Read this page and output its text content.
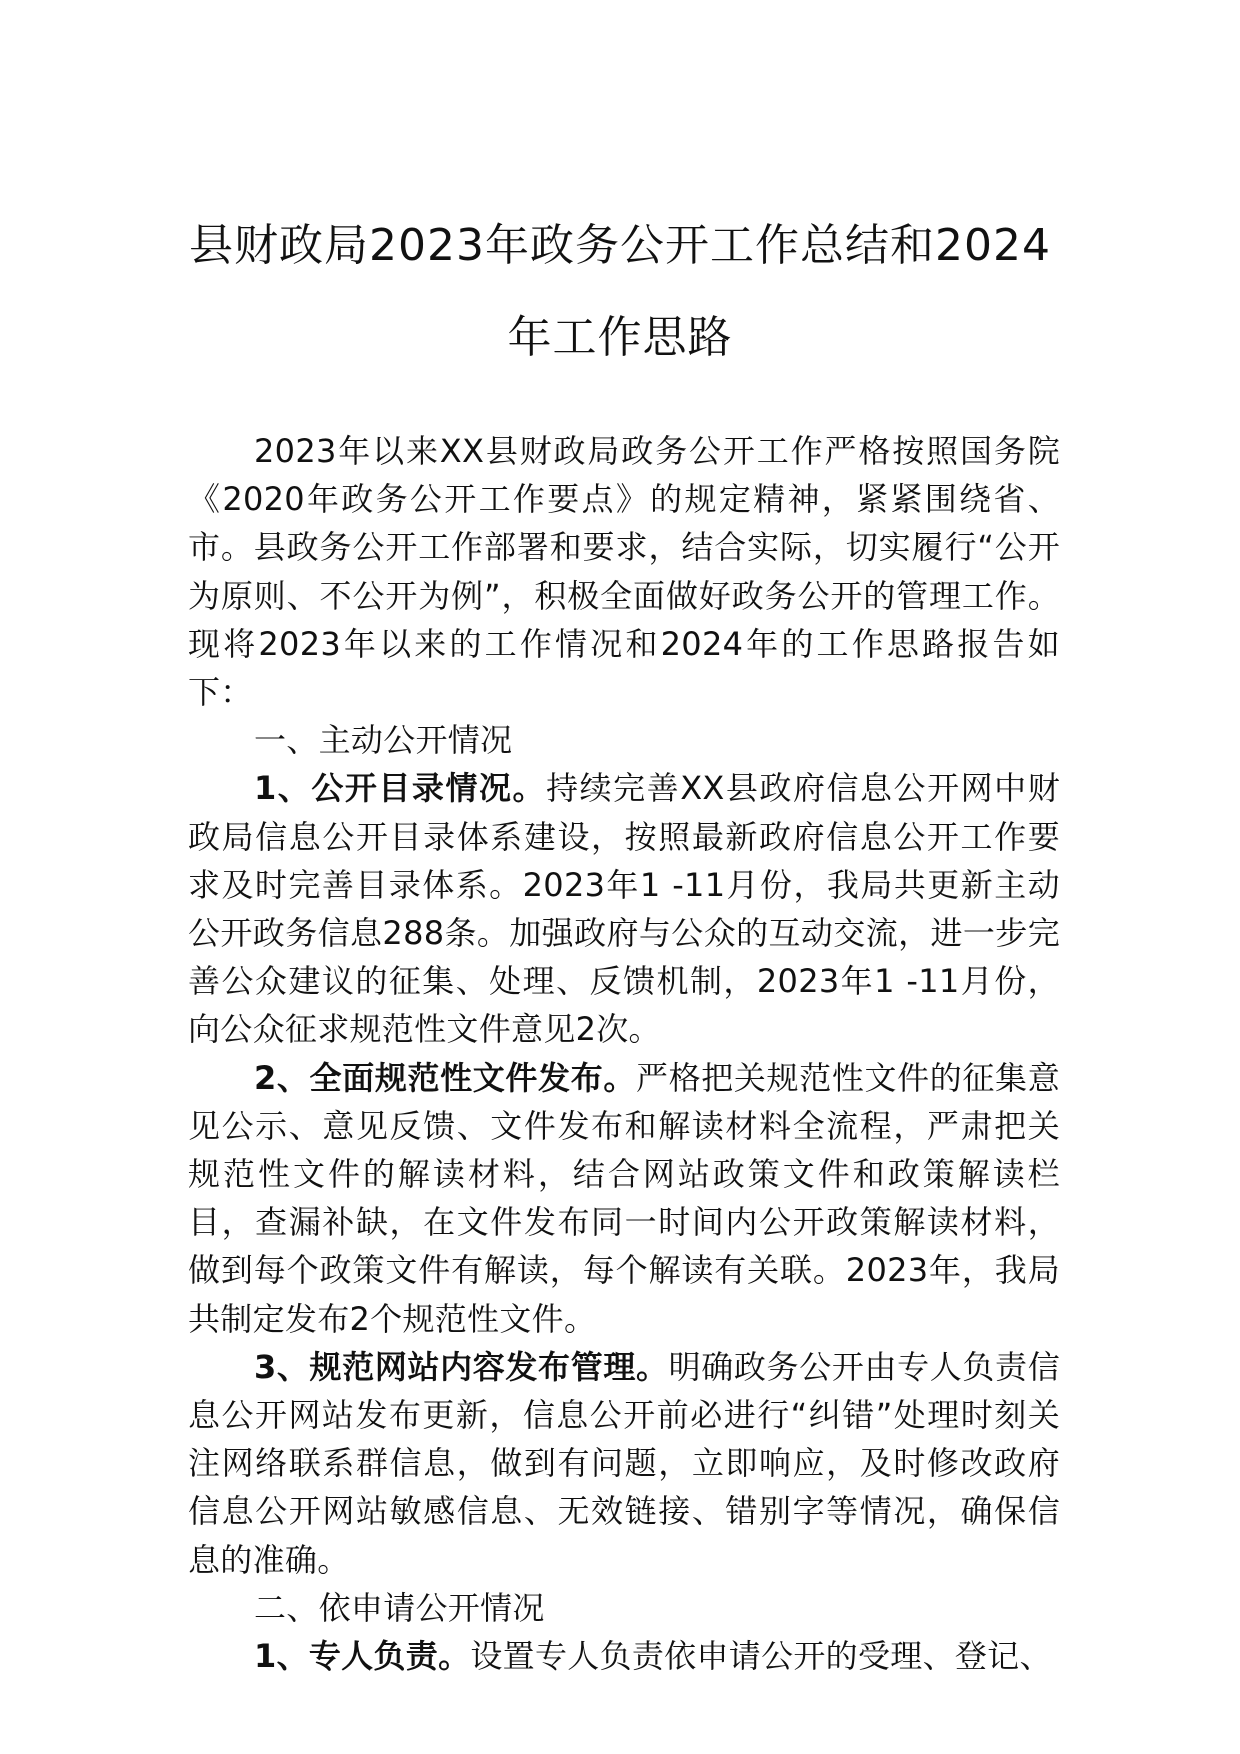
县财政局2023年政务公开工作总结和2024
年工作思路

2023年以来XX县财政局政务公开工作严格按照国务院《2020年政务公开工作要点》的规定精神，紧紧围绕省、市。县政务公开工作部署和要求，结合实际，切实履行“公开为原则、不公开为例”，积极全面做好政务公开的管理工作。现将2023年以来的工作情况和2024年的工作思路报告如下：

一、主动公开情况

1、公开目录情况。持续完善XX县政府信息公开网中财政局信息公开目录体系建设，按照最新政府信息公开工作要求及时完善目录体系。2023年1 -11月份，我局共更新主动公开政务信息288条。加强政府与公众的互动交流，进一步完善公众建议的征集、处理、反馈机制，2023年1 -11月份，向公众征求规范性文件意见2次。

2、全面规范性文件发布。严格把关规范性文件的征集意见公示、意见反馈、文件发布和解读材料全流程，严肃把关规范性文件的解读材料，结合网站政策文件和政策解读栏目，查漏补缺，在文件发布同一时间内公开政策解读材料，做到每个政策文件有解读，每个解读有关联。2023年，我局共制定发布2个规范性文件。

3、规范网站内容发布管理。明确政务公开由专人负责信息公开网站发布更新，信息公开前必进行“纠错”处理时刻关注网络联系群信息，做到有问题，立即响应，及时修改政府信息公开网站敏感信息、无效链接、错别字等情况，确保信息的准确。

二、依申请公开情况

1、专人负责。设置专人负责依申请公开的受理、登记、
